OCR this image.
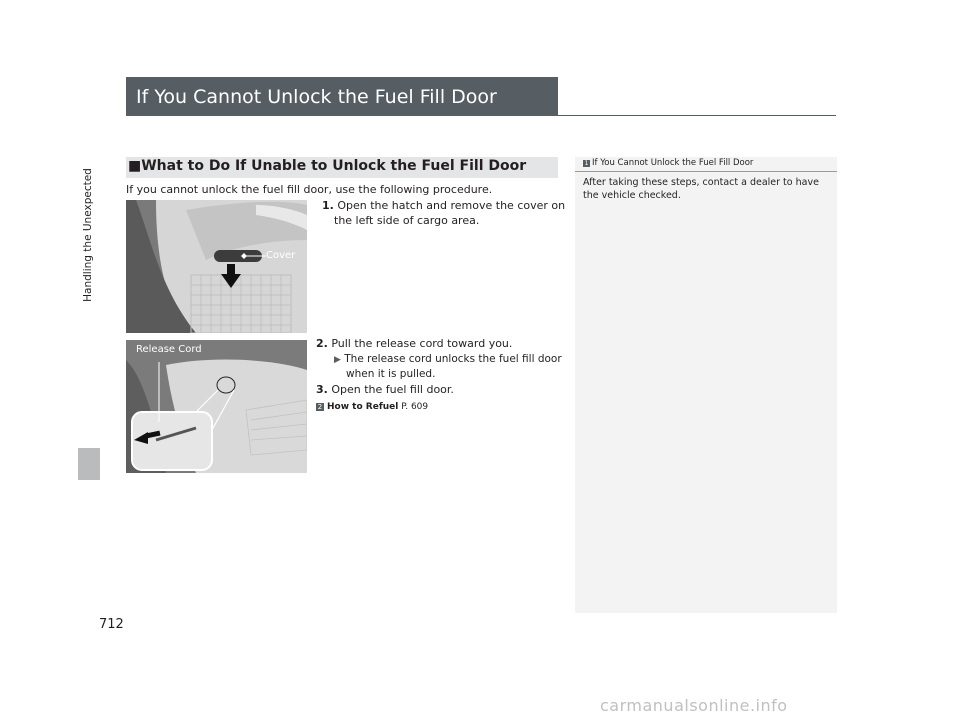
Handling the Unexpected
If You Cannot Unlock the Fuel Fill Door
■What to Do If Unable to Unlock the Fuel Fill Door	1 If You Cannot Unlock the Fuel Fill Door
After taking these steps, contact a dealer to have the vehicle checked.
If you cannot unlock the fuel fill door, use the following procedure.
Cover
1. Open the hatch and remove the cover on
the left side of cargo area.
Release Cord	2. Pull the release cord toward you.
▶ The release cord unlocks the fuel fill door
when it is pulled.
3. Open the fuel fill door.
2 How to Refuel P. 609
712
carmanualsonline.info
